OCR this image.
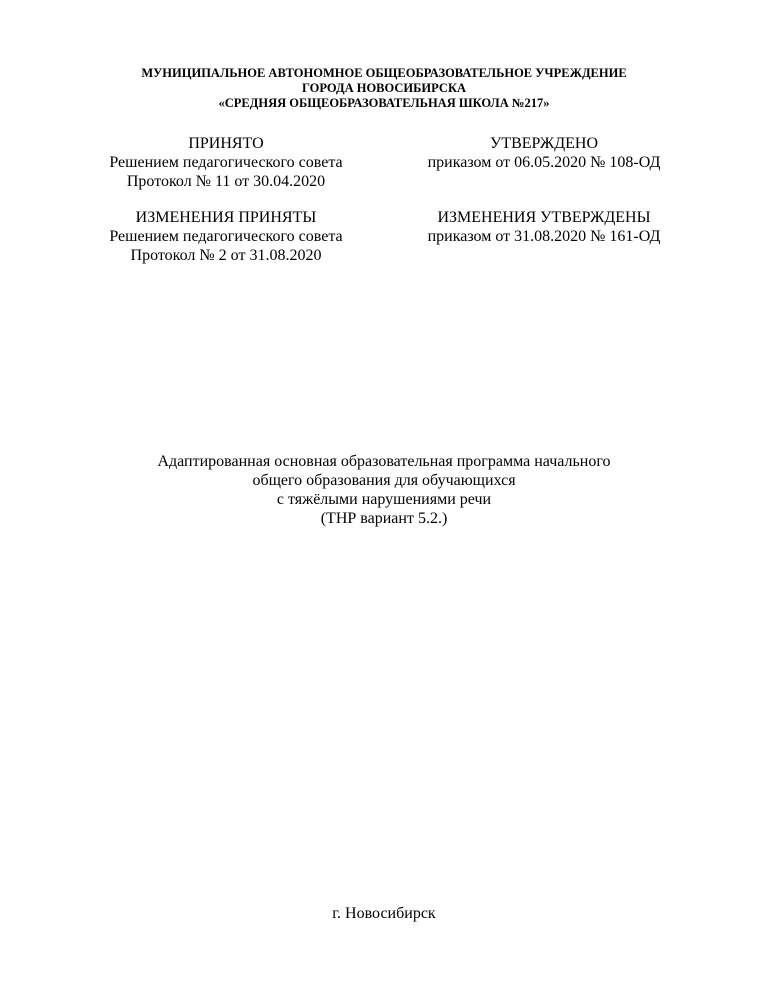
МУНИЦИПАЛЬНОЕ АВТОНОМНОЕ ОБЩЕОБРАЗОВАТЕЛЬНОЕ УЧРЕЖДЕНИЕ
ГОРОДА НОВОСИБИРСКА
«СРЕДНЯЯ ОБЩЕОБРАЗОВАТЕЛЬНАЯ ШКОЛА №217»
ПРИНЯТО
Решением педагогического совета
Протокол № 11 от 30.04.2020
УТВЕРЖДЕНО
приказом от 06.05.2020 № 108-ОД
ИЗМЕНЕНИЯ ПРИНЯТЫ
Решением педагогического совета
Протокол № 2 от 31.08.2020
ИЗМЕНЕНИЯ УТВЕРЖДЕНЫ
приказом от 31.08.2020 № 161-ОД
Адаптированная основная образовательная программа начального
общего образования для обучающихся
с тяжёлыми нарушениями речи
(ТНР вариант 5.2.)
г. Новосибирск
